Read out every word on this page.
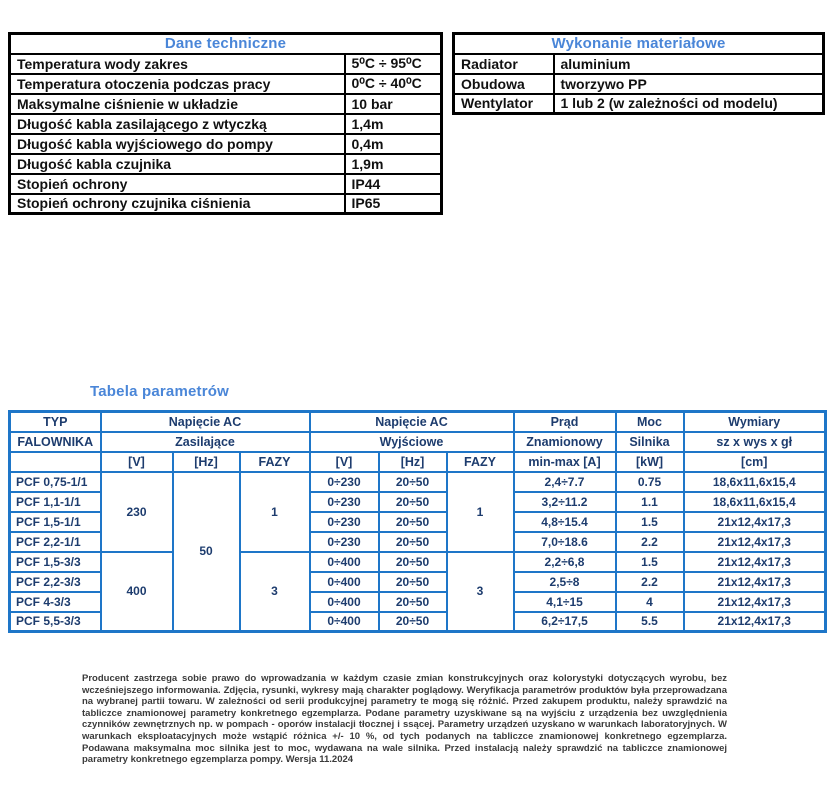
Dane techniczne	
Temperatura wody zakres	5⁰C ÷ 95⁰C
Temperatura otoczenia podczas pracy	0⁰C ÷ 40⁰C
Maksymalne ciśnienie w układzie	10 bar
Długość kabla zasilającego z wtyczką	1,4m
Długość kabla wyjściowego do pompy	0,4m
Długość kabla czujnika	1,9m
Stopień ochrony	IP44
Stopień ochrony czujnika ciśnienia	IP65
Wykonanie materiałowe	
Radiator	aluminium
Obudowa	tworzywo PP
Wentylator	1 lub 2 (w zależności od modelu)
Tabela parametrów
TYP	Napięcie AC			Napięcie AC			Prąd	Moc	Wymiary
FALOWNIKA	Zasilające			Wyjściowe			Znamionowy	Silnika	sz x wys x gł
	[V]	[Hz]	FAZY	[V]	[Hz]	FAZY	min-max [A]	[kW]	[cm]
PCF 0,75-1/1	230	50	1	0÷230	20÷50	1	2,4÷7.7	0.75	18,6x11,6x15,4
PCF 1,1-1/1				0÷230	20÷50		3,2÷11.2	1.1	18,6x11,6x15,4
PCF 1,5-1/1				0÷230	20÷50		4,8÷15.4	1.5	21x12,4x17,3
PCF 2,2-1/1				0÷230	20÷50		7,0÷18.6	2.2	21x12,4x17,3
PCF 1,5-3/3	400		3	0÷400	20÷50	3	2,2÷6,8	1.5	21x12,4x17,3
PCF 2,2-3/3				0÷400	20÷50		2,5÷8	2.2	21x12,4x17,3
PCF 4-3/3				0÷400	20÷50		4,1÷15	4	21x12,4x17,3
PCF 5,5-3/3				0÷400	20÷50		6,2÷17,5	5.5	21x12,4x17,3
Producent zastrzega sobie prawo do wprowadzania w każdym czasie zmian konstrukcyjnych oraz kolorystyki dotyczących wyrobu, bez wcześniejszego informowania. Zdjęcia, rysunki, wykresy mają charakter poglądowy. Weryfikacja parametrów produktów była przeprowadzana na wybranej partii towaru. W zależności od serii produkcyjnej parametry te mogą się różnić. Przed zakupem produktu, należy sprawdzić na tabliczce znamionowej parametry konkretnego egzemplarza. Podane parametry uzyskiwane są na wyjściu z urządzenia bez uwzględnienia czynników zewnętrznych np. w pompach - oporów instalacji tłocznej i ssącej. Parametry urządzeń uzyskano w warunkach laboratoryjnych. W warunkach eksploatacyjnych może wstąpić różnica +/- 10 %, od tych podanych na tabliczce znamionowej konkretnego egzemplarza. Podawana maksymalna moc silnika jest to moc, wydawana na wale silnika. Przed instalacją należy sprawdzić na tabliczce znamionowej parametry konkretnego egzemplarza pompy. Wersja 11.2024
